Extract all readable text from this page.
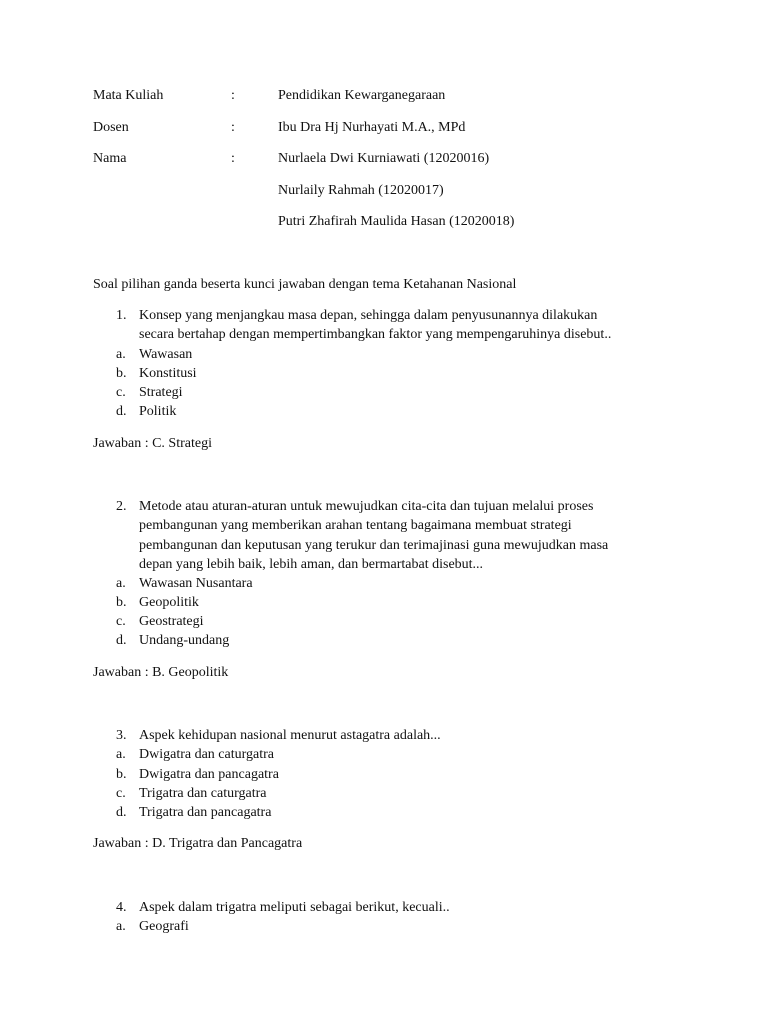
Mata Kuliah	:	Pendidikan Kewarganegaraan
Dosen	:	Ibu Dra Hj Nurhayati M.A., MPd
Nama	:	Nurlaela Dwi Kurniawati (12020016)
Nurlaily Rahmah (12020017)
Putri Zhafirah Maulida Hasan (12020018)
Soal pilihan ganda beserta kunci jawaban dengan tema Ketahanan Nasional
1. Konsep yang menjangkau masa depan, sehingga dalam penyusunannya dilakukan
secara bertahap dengan mempertimbangkan faktor yang mempengaruhinya disebut..
a. Wawasan
b. Konstitusi
c. Strategi
d. Politik
Jawaban : C. Strategi
2. Metode atau aturan-aturan untuk mewujudkan cita-cita dan tujuan melalui proses
pembangunan yang memberikan arahan tentang bagaimana membuat strategi
pembangunan dan keputusan yang terukur dan terimajinasi guna mewujudkan masa
depan yang lebih baik, lebih aman, dan bermartabat disebut...
a. Wawasan Nusantara
b. Geopolitik
c. Geostrategi
d. Undang-undang
Jawaban : B. Geopolitik
3. Aspek kehidupan nasional menurut astagatra adalah...
a. Dwigatra dan caturgatra
b. Dwigatra dan pancagatra
c. Trigatra dan caturgatra
d. Trigatra dan pancagatra
Jawaban : D. Trigatra dan Pancagatra
4. Aspek dalam trigatra meliputi sebagai berikut, kecuali..
a. Geografi
